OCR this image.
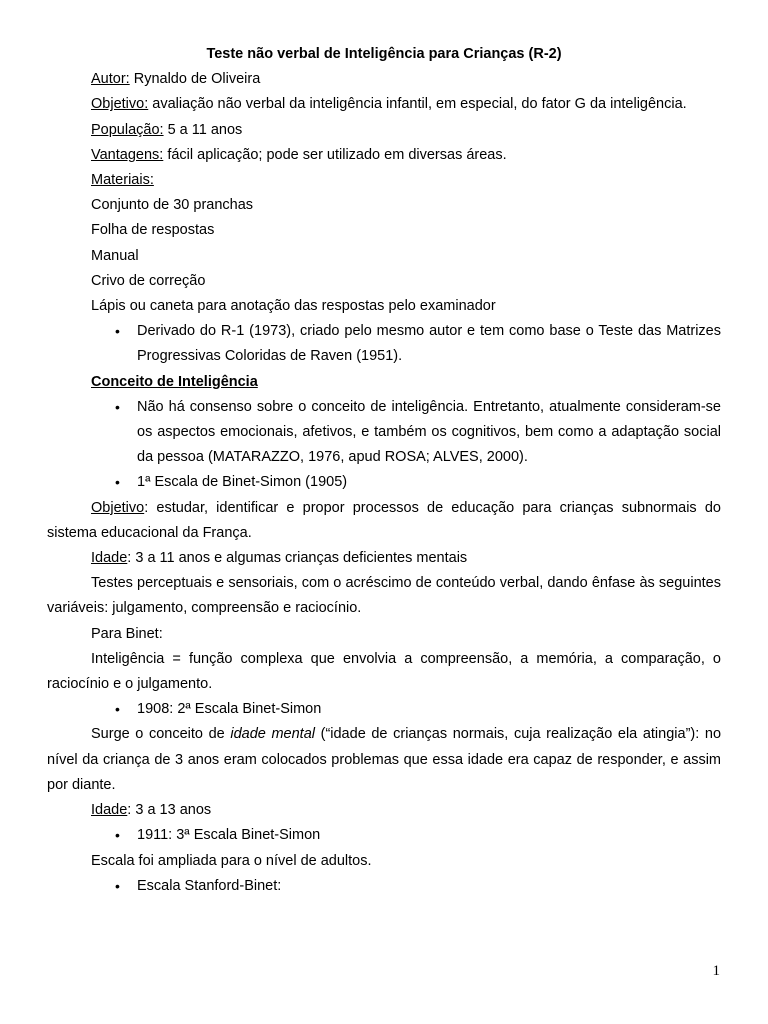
Teste não verbal de Inteligência para Crianças (R-2)

Autor: Rynaldo de Oliveira

Objetivo: avaliação não verbal da inteligência infantil, em especial, do fator G da inteligência.

População: 5 a 11 anos

Vantagens: fácil aplicação; pode ser utilizado em diversas áreas.

Materiais:

Conjunto de 30 pranchas

Folha de respostas

Manual

Crivo de correção

Lápis ou caneta para anotação das respostas pelo examinador

• Derivado do R-1 (1973), criado pelo mesmo autor e tem como base o Teste das Matrizes Progressivas Coloridas de Raven (1951).

Conceito de Inteligência

• Não há consenso sobre o conceito de inteligência. Entretanto, atualmente consideram-se os aspectos emocionais, afetivos, e também os cognitivos, bem como a adaptação social da pessoa (MATARAZZO, 1976, apud ROSA; ALVES, 2000).
• 1ª Escala de Binet-Simon (1905)

Objetivo: estudar, identificar e propor processos de educação para crianças subnormais do sistema educacional da França.

Idade: 3 a 11 anos e algumas crianças deficientes mentais

Testes perceptuais e sensoriais, com o acréscimo de conteúdo verbal, dando ênfase às seguintes variáveis: julgamento, compreensão e raciocínio.

Para Binet:

Inteligência = função complexa que envolvia a compreensão, a memória, a comparação, o raciocínio e o julgamento.

• 1908: 2ª Escala Binet-Simon

Surge o conceito de idade mental (“idade de crianças normais, cuja realização ela atingia”): no nível da criança de 3 anos eram colocados problemas que essa idade era capaz de responder, e assim por diante.

Idade: 3 a 13 anos

• 1911: 3ª Escala Binet-Simon

Escala foi ampliada para o nível de adultos.

• Escala Stanford-Binet:
1
